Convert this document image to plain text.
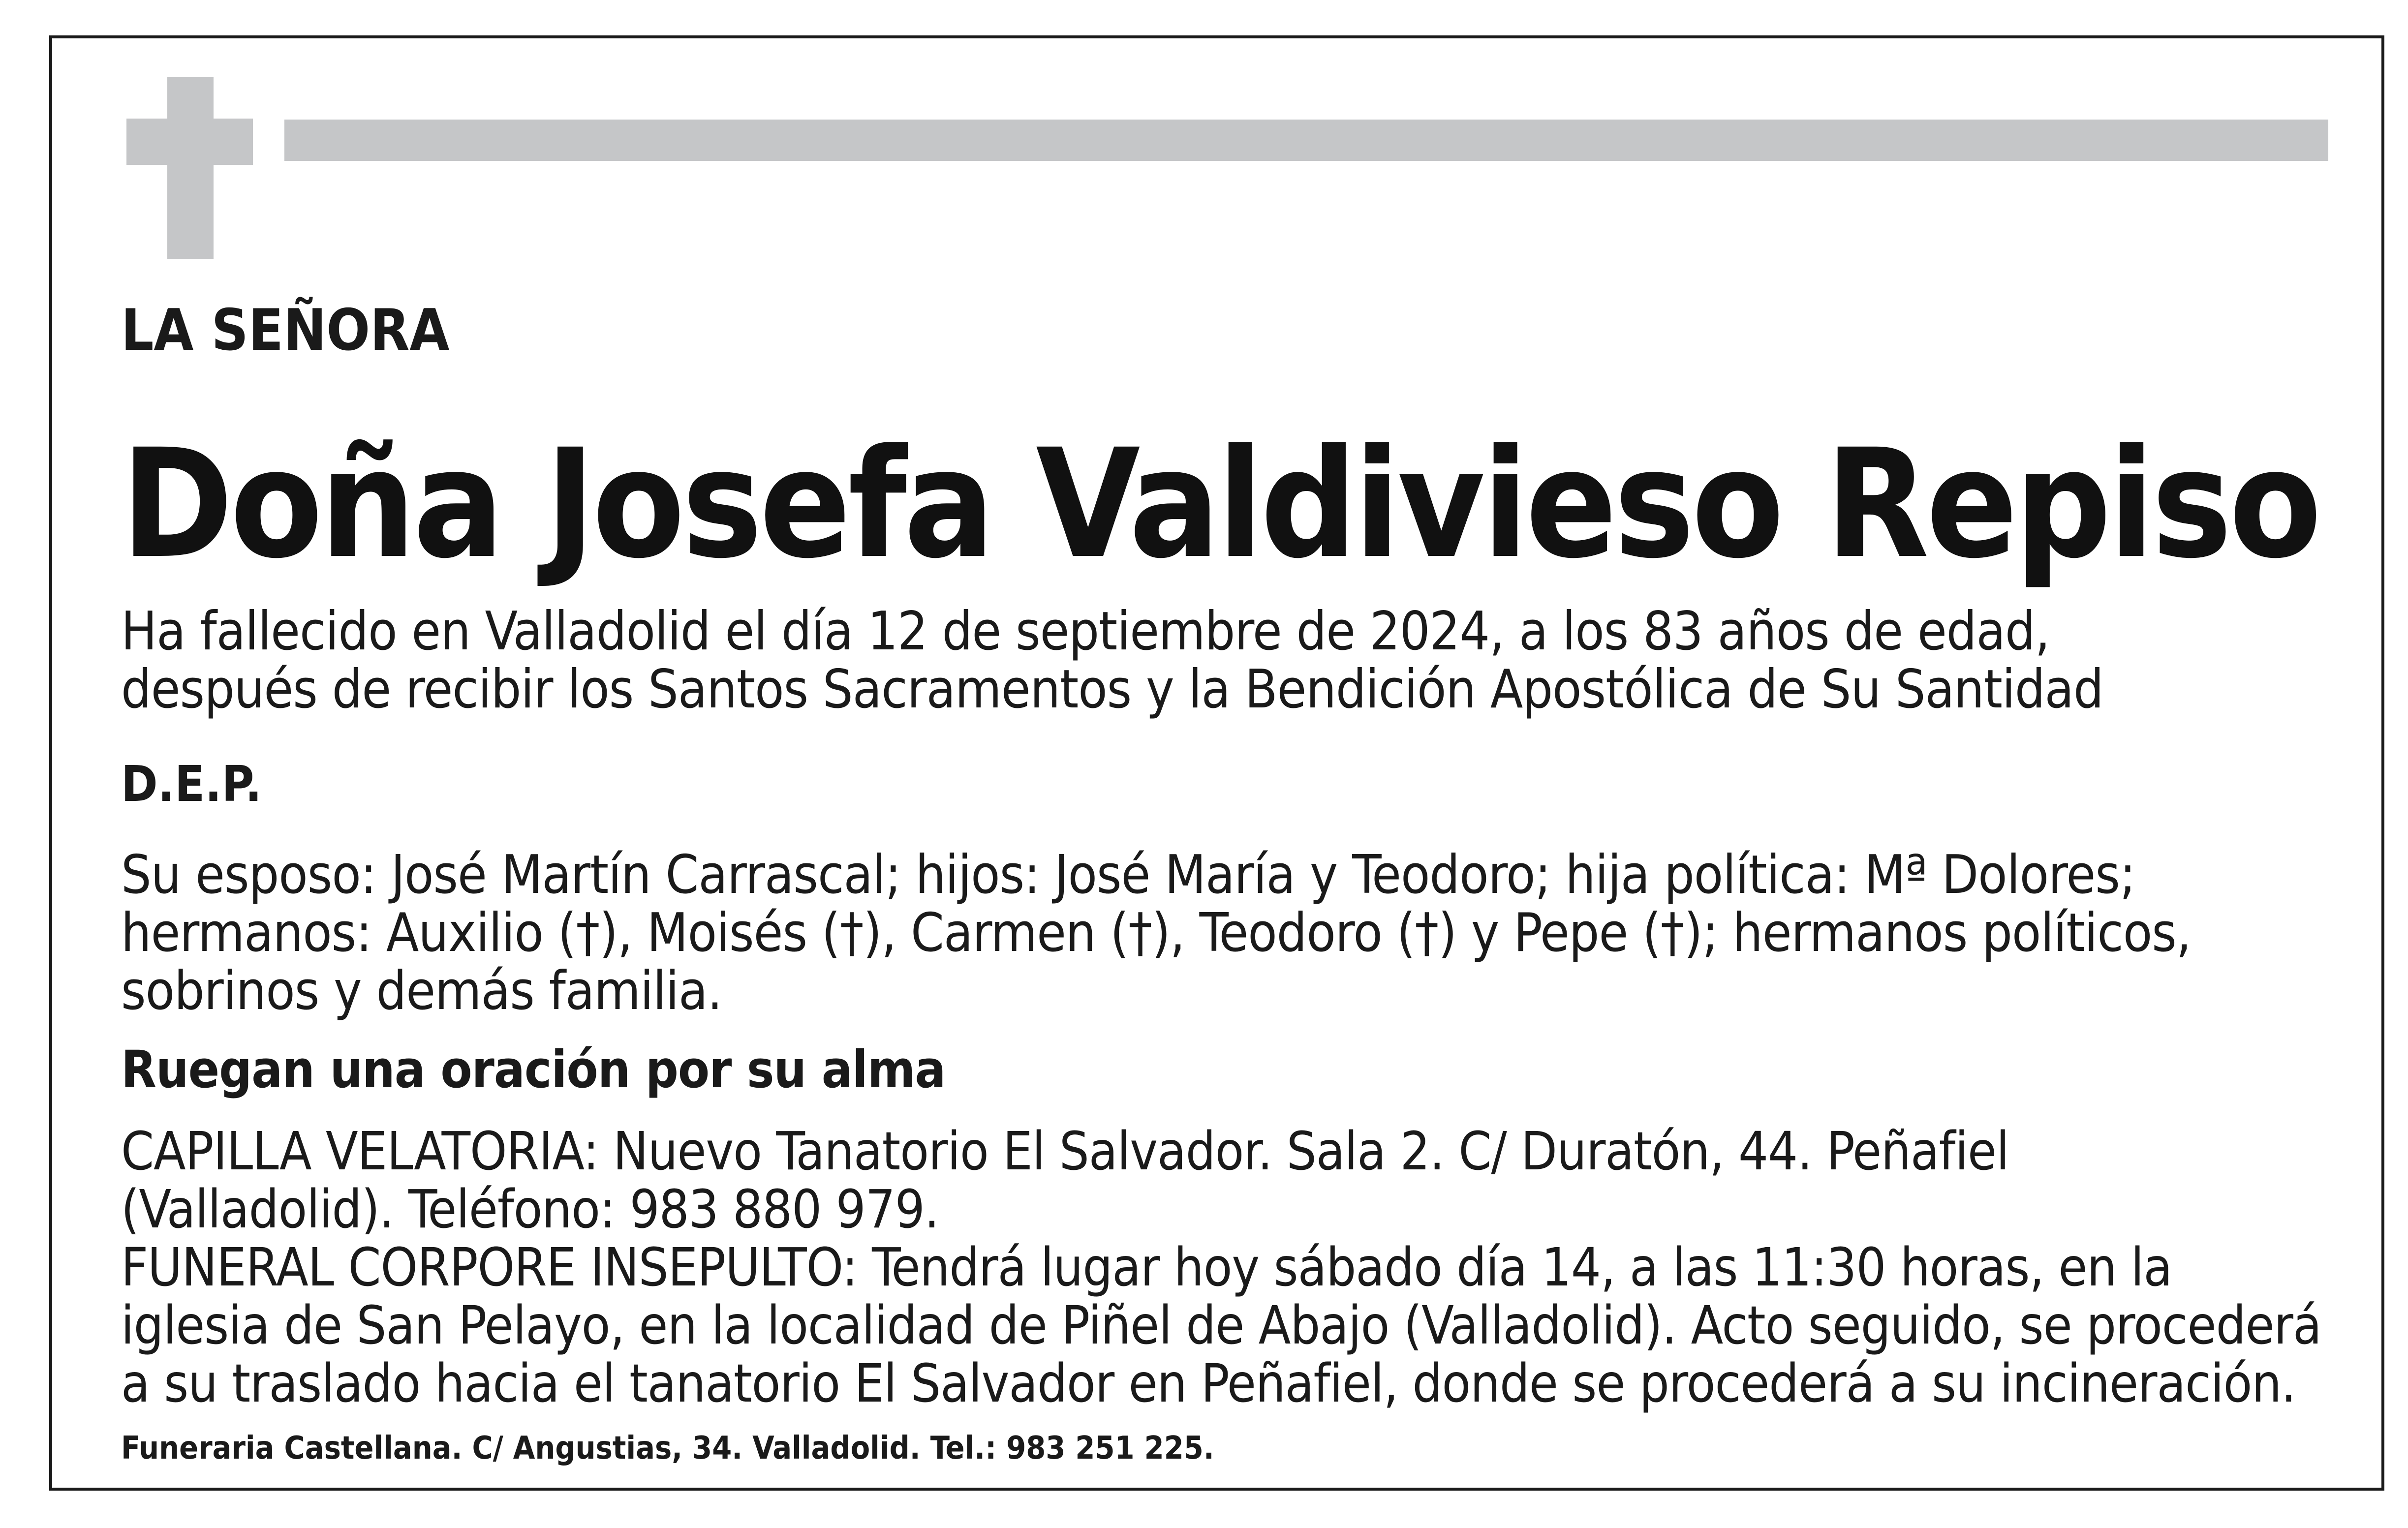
LA SEÑORA

Doña Josefa Valdivieso Repiso

Ha fallecido en Valladolid el día 12 de septiembre de 2024, a los 83 años de edad,
después de recibir los Santos Sacramentos y la Bendición Apostólica de Su Santidad

D.E.P.

Su esposo: José Martín Carrascal; hijos: José María y Teodoro; hija política: Mª Dolores;
hermanos: Auxilio (†), Moisés (†), Carmen (†), Teodoro (†) y Pepe (†); hermanos políticos,
sobrinos y demás familia.

Ruegan una oración por su alma

CAPILLA VELATORIA: Nuevo Tanatorio El Salvador. Sala 2. C/ Duratón, 44. Peñafiel
(Valladolid). Teléfono: 983 880 979.
FUNERAL CORPORE INSEPULTO: Tendrá lugar hoy sábado día 14, a las 11:30 horas, en la
iglesia de San Pelayo, en la localidad de Piñel de Abajo (Valladolid). Acto seguido, se procederá
a su traslado hacia el tanatorio El Salvador en Peñafiel, donde se procederá a su incineración.

Funeraria Castellana. C/ Angustias, 34. Valladolid. Tel.: 983 251 225.
